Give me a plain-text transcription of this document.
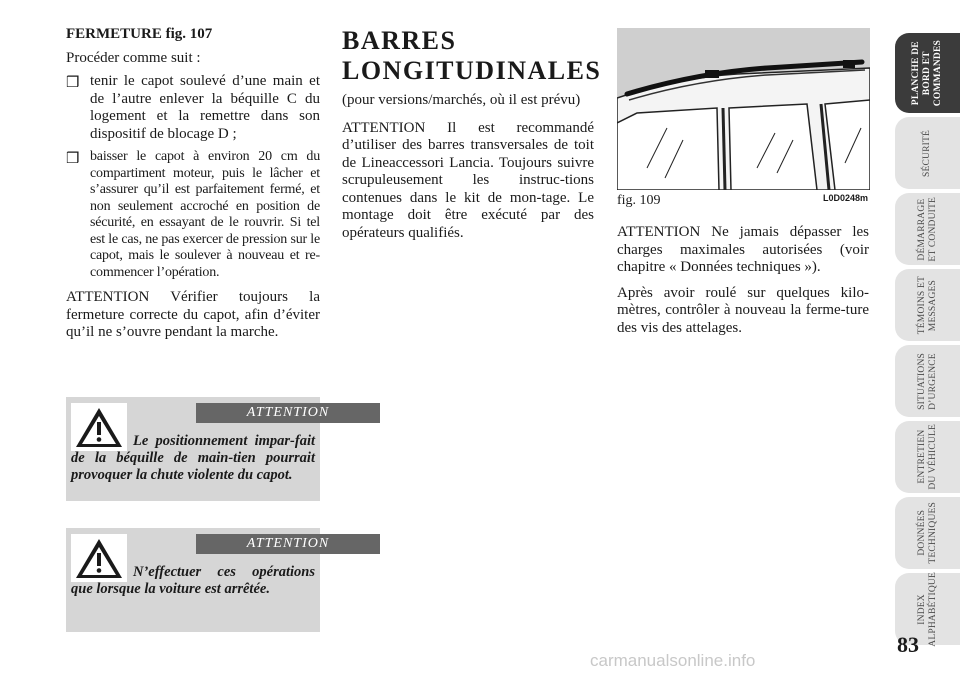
FERMETURE fig. 107

Procéder comme suit :

❒ tenir le capot soulevé d’une main et de l’autre enlever la béquille C du logement et la remettre dans son dispositif de blocage D ;
❒ baisser le capot à environ 20 cm du compartiment moteur, puis le lâcher et s’assurer qu’il est parfaitement fermé, et non seulement accroché en position de sécurité, en essayant de le rouvrir. Si tel est le cas, ne pas exercer de pression sur le capot, mais le soulever à nouveau et re-commencer l’opération.

ATTENTION Vérifier toujours la fermeture correcte du capot, afin d’éviter qu’il ne s’ouvre pendant la marche.

ATTENTION
Le positionnement impar-fait de la béquille de main-tien pourrait provoquer la chute violente du capot.
ATTENTION
N’effectuer ces opérations que lorsque la voiture est arrêtée.
BARRES
LONGITUDINALES

(pour versions/marchés, où il est prévu)

ATTENTION Il est recommandé d’utiliser des barres transversales de toit de Lineaccessori Lancia. Toujours suivre scrupuleusement les instruc-tions contenues dans le kit de mon-tage. Le montage doit être exécuté par des opérateurs qualifiés.

fig. 109	L0D0248m

ATTENTION Ne jamais dépasser les charges maximales autorisées (voir chapitre « Données techniques »).

Après avoir roulé sur quelques kilo-mètres, contrôler à nouveau la ferme-ture des vis des attelages.

PLANCHE DE
BORD ET
COMMANDES
SÉCURITÉ
DÉMARRAGE
ET CONDUITE
TÉMOINS ET
MESSAGES
SITUATIONS
D’URGENCE
ENTRETIEN
DU VÉHICULE
DONNÉES
TECHNIQUES
INDEX
ALPHABÉTIQUE
83
carmanualsonline.info
